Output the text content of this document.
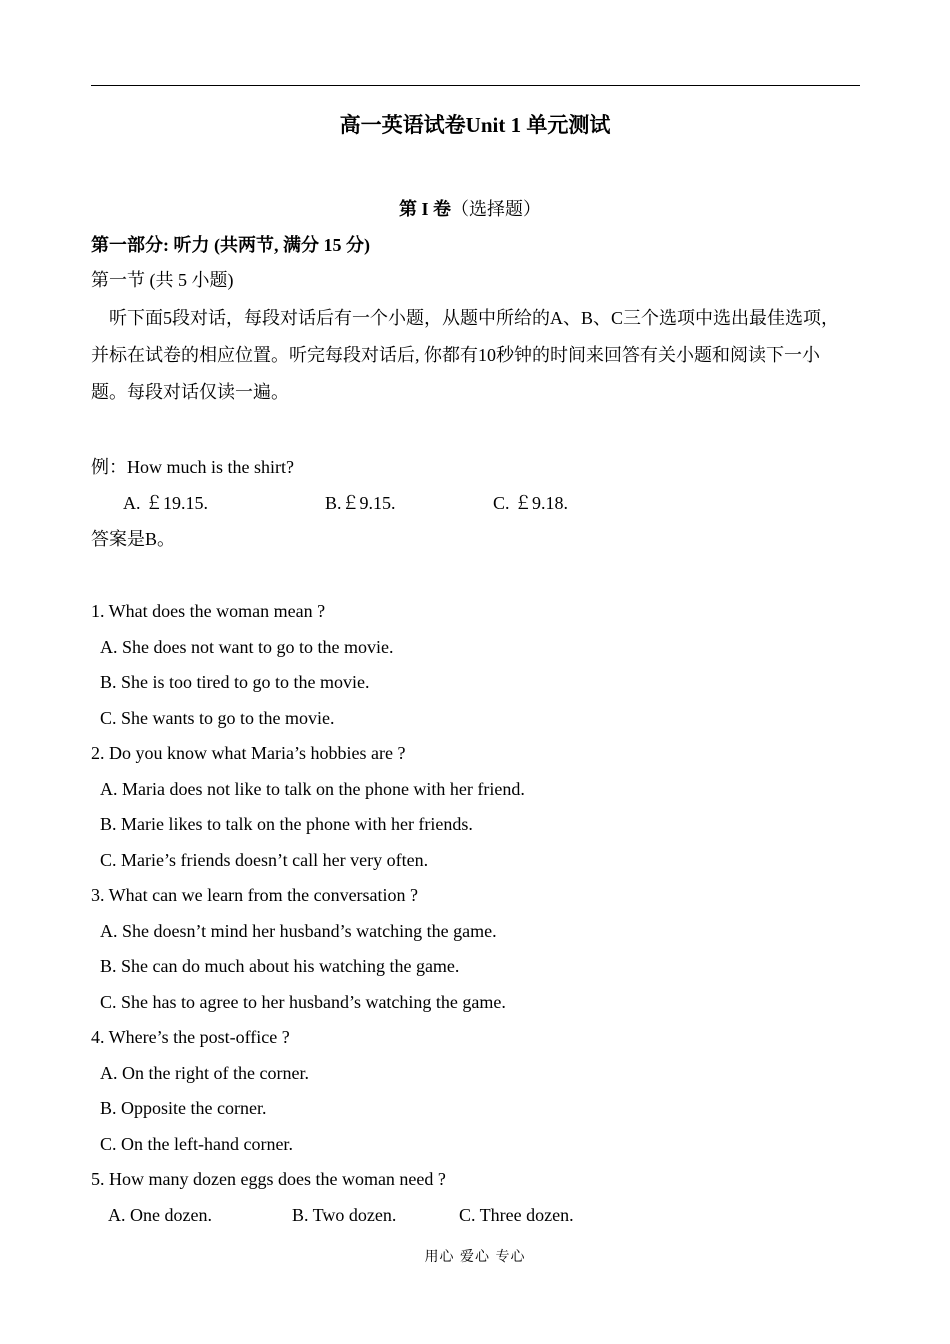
高一英语试卷Unit 1 单元测试
第 I 卷（选择题）
第一部分: 听力 (共两节, 满分 15 分)
第一节 (共 5 小题)
听下面5段对话，每段对话后有一个小题，从题中所给的A、B、C三个选项中选出最佳选项，
并标在试卷的相应位置。听完每段对话后, 你都有10秒钟的时间来回答有关小题和阅读下一小
题。每段对话仅读一遍。
例：How much is the shirt?
A. ￡19.15.	B.￡9.15.	C. ￡9.18.
答案是B。
1. What does the woman mean ?
A. She does not want to go to the movie.
B. She is too tired to go to the movie.
C. She wants to go to the movie.
2. Do you know what Maria’s hobbies are ?
A. Maria does not like to talk on the phone with her friend.
B. Marie likes to talk on the phone with her friends.
C. Marie’s friends doesn’t call her very often.
3. What can we learn from the conversation ?
A. She doesn’t mind her husband’s watching the game.
B. She can do much about his watching the game.
C. She has to agree to her husband’s watching the game.
4. Where’s the post-office ?
A. On the right of the corner.
B. Opposite the corner.
C. On the left-hand corner.
5. How many dozen eggs does the woman need ?
A. One dozen.	B. Two dozen.	C. Three dozen.
用心 爱心 专心
